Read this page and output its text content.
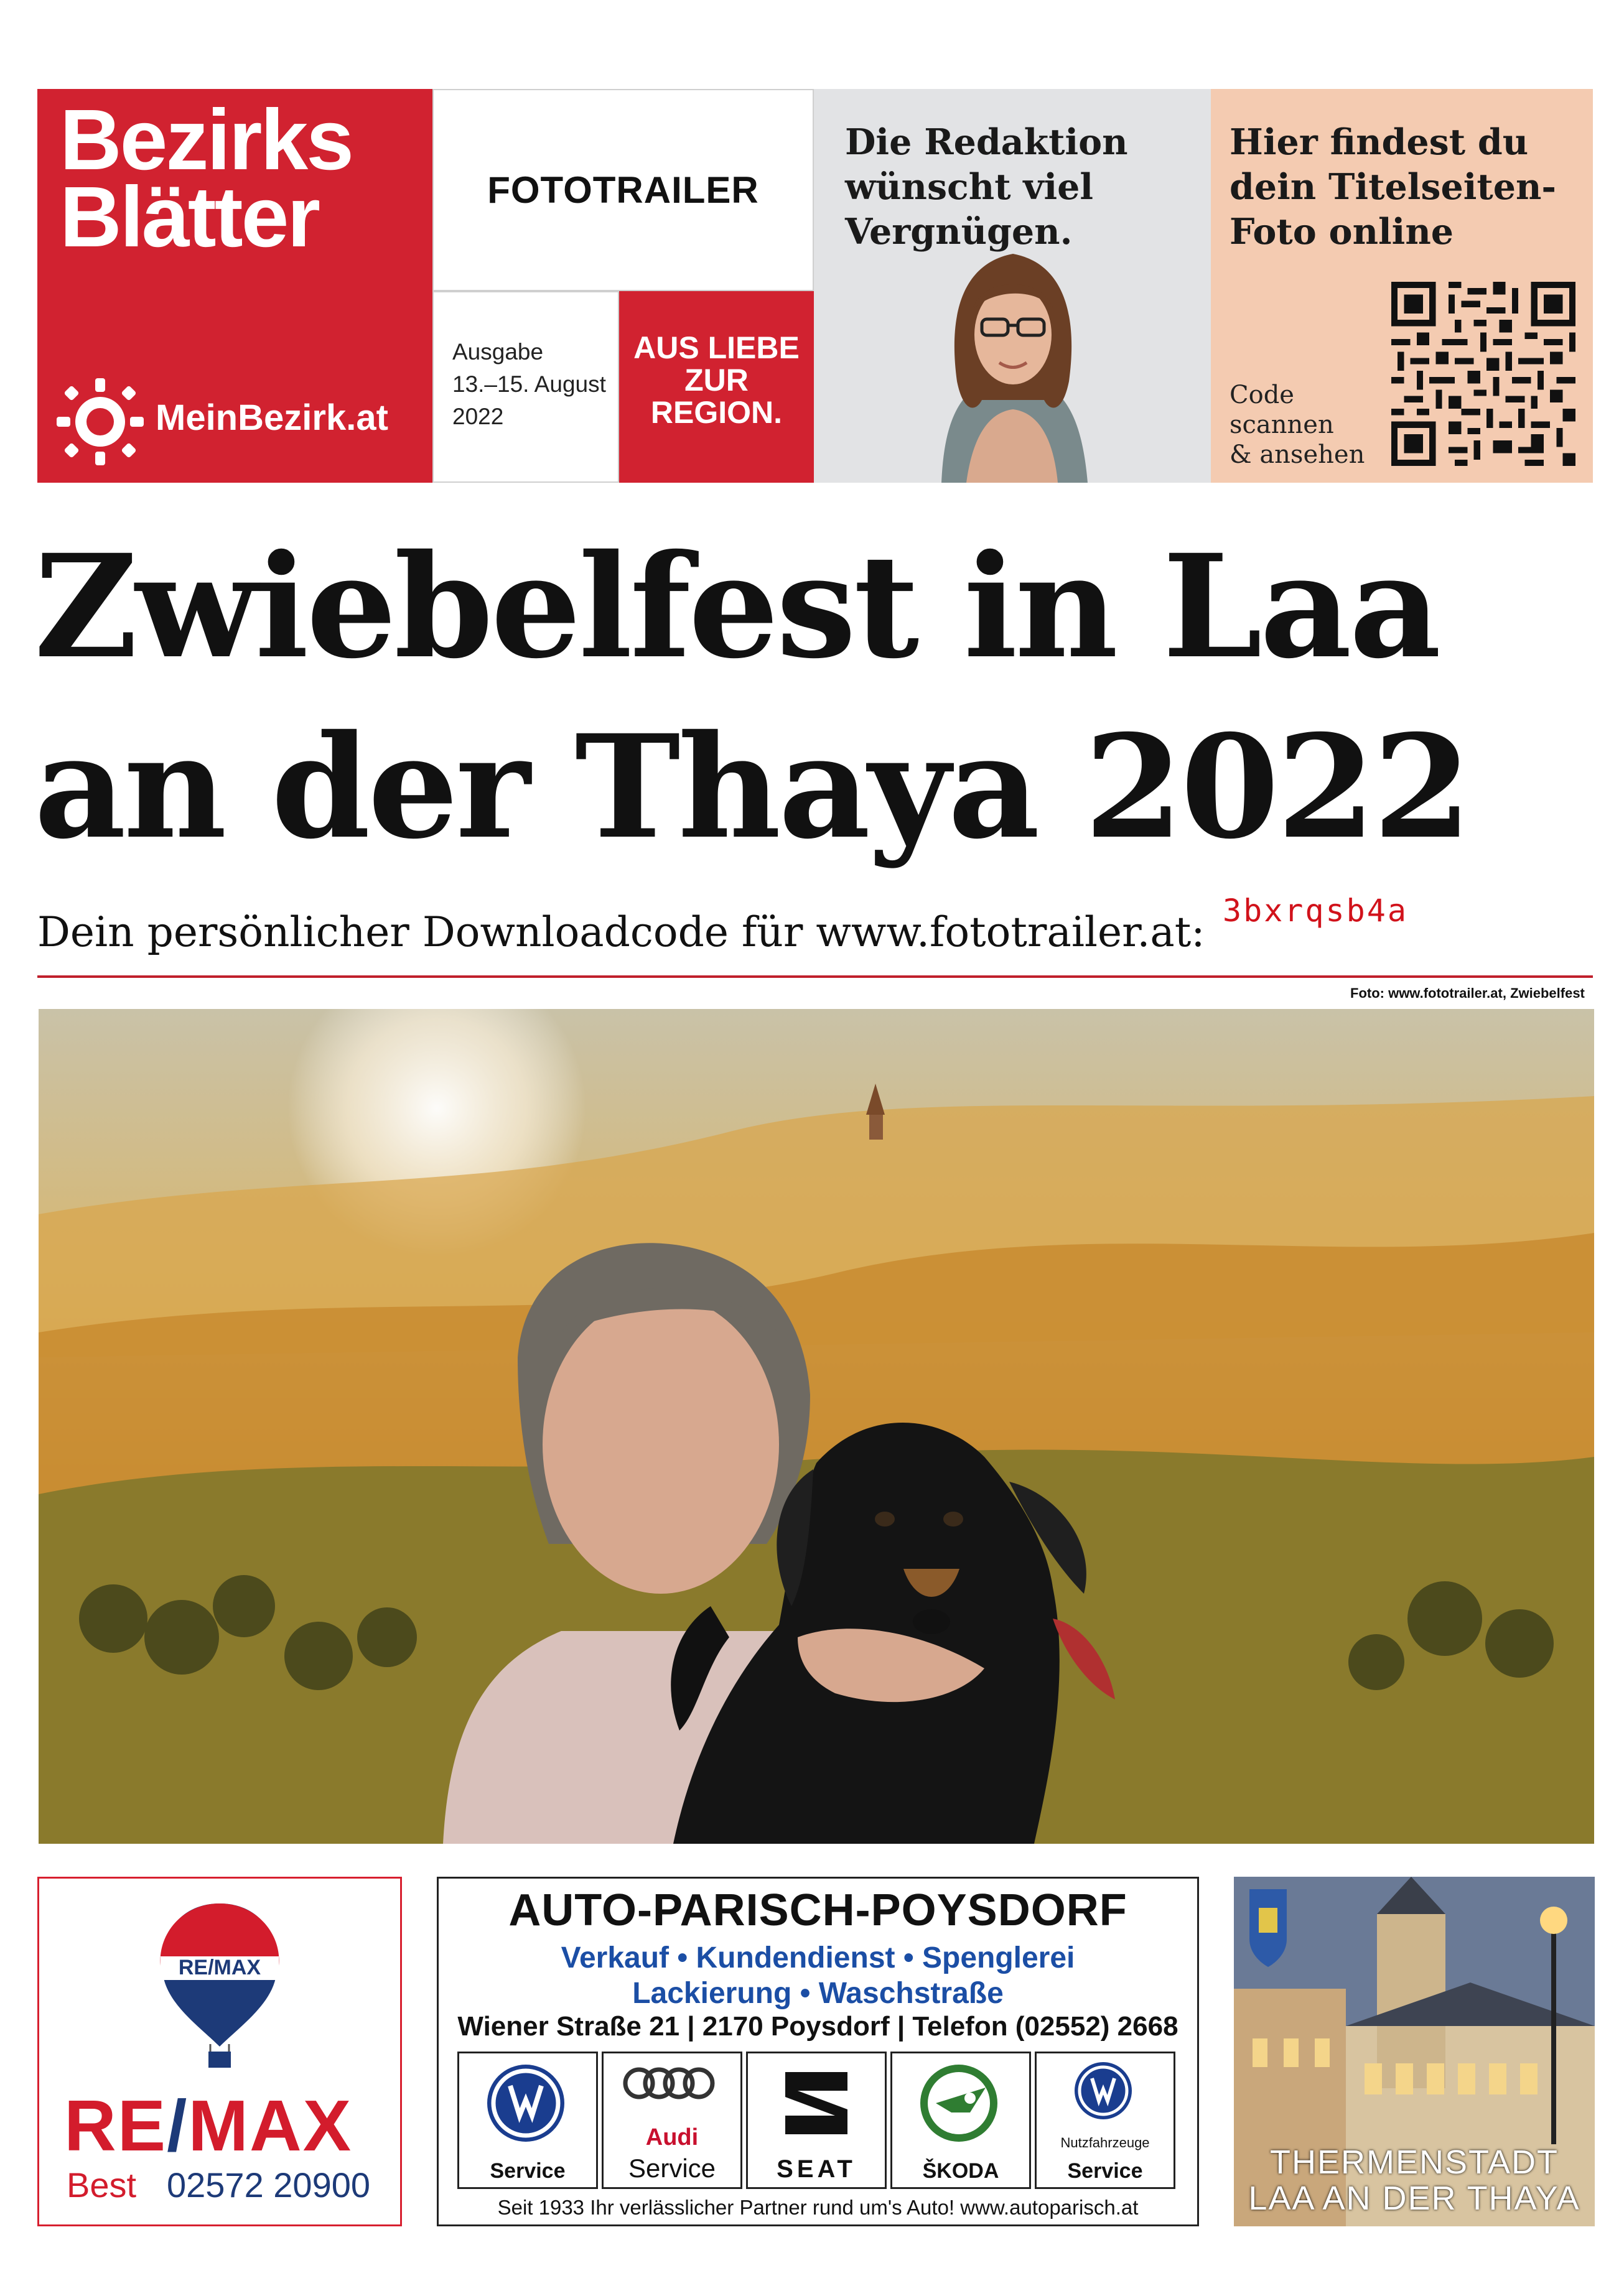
Bezirks
Blätter
MeinBezirk.at
FOTOTRAILER
Ausgabe
13.–15. August
2022
AUS LIEBE
ZUR
REGION.
Die Redaktion
wünscht viel
Vergnügen.
Hier findest du
dein Titelseiten-
Foto online
Code
scannen
& ansehen
Zwiebelfest in Laa
an der Thaya 2022
Dein persönlicher Downloadcode für www.fototrailer.at: 3bxrqsb4a
Foto: www.fototrailer.at, Zwiebelfest
RE/MAX
RE/MAX
Best 02572 20900
AUTO-PARISCH-POYSDORF
Verkauf • Kundendienst • Spenglerei
Lackierung • Waschstraße
Wiener Straße 21 | 2170 Poysdorf | Telefon (02552) 2668
Service
Audi
Service	SEAT	ŠKODA
Nutzfahrzeuge
Service
Seit 1933 Ihr verlässlicher Partner rund um's Auto! www.autoparisch.at
THERMENSTADT
LAA AN DER THAYA
